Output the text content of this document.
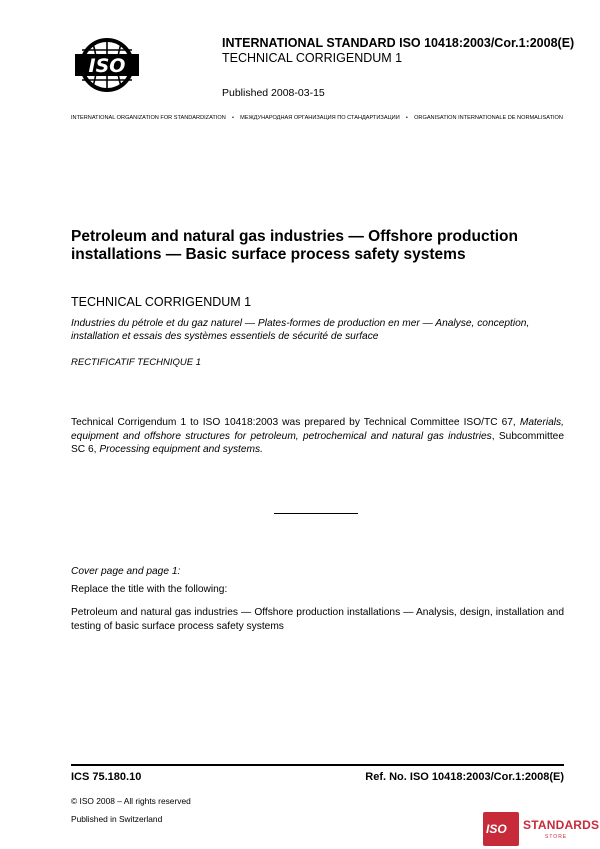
ISO
INTERNATIONAL STANDARD ISO 10418:2003/Cor.1:2008(E)
TECHNICAL CORRIGENDUM 1
Published 2008-03-15
INTERNATIONAL ORGANIZATION FOR STANDARDIZATION • МЕЖДУНАРОДНАЯ ОРГАНИЗАЦИЯ ПО СТАНДАРТИЗАЦИИ • ORGANISATION INTERNATIONALE DE NORMALISATION
Petroleum and natural gas industries — Offshore production installations — Basic surface process safety systems
TECHNICAL CORRIGENDUM 1
Industries du pétrole et du gaz naturel — Plates-formes de production en mer — Analyse, conception, installation et essais des systèmes essentiels de sécurité de surface
RECTIFICATIF TECHNIQUE 1
Technical Corrigendum 1 to ISO 10418:2003 was prepared by Technical Committee ISO/TC 67, Materials, equipment and offshore structures for petroleum, petrochemical and natural gas industries, Subcommittee SC 6, Processing equipment and systems.
Cover page and page 1:
Replace the title with the following:
Petroleum and natural gas industries — Offshore production installations — Analysis, design, installation and testing of basic surface process safety systems
ICS 75.180.10	Ref. No. ISO 10418:2003/Cor.1:2008(E)
© ISO 2008 – All rights reserved
Published in Switzerland
ISO STANDARDS
STORE
